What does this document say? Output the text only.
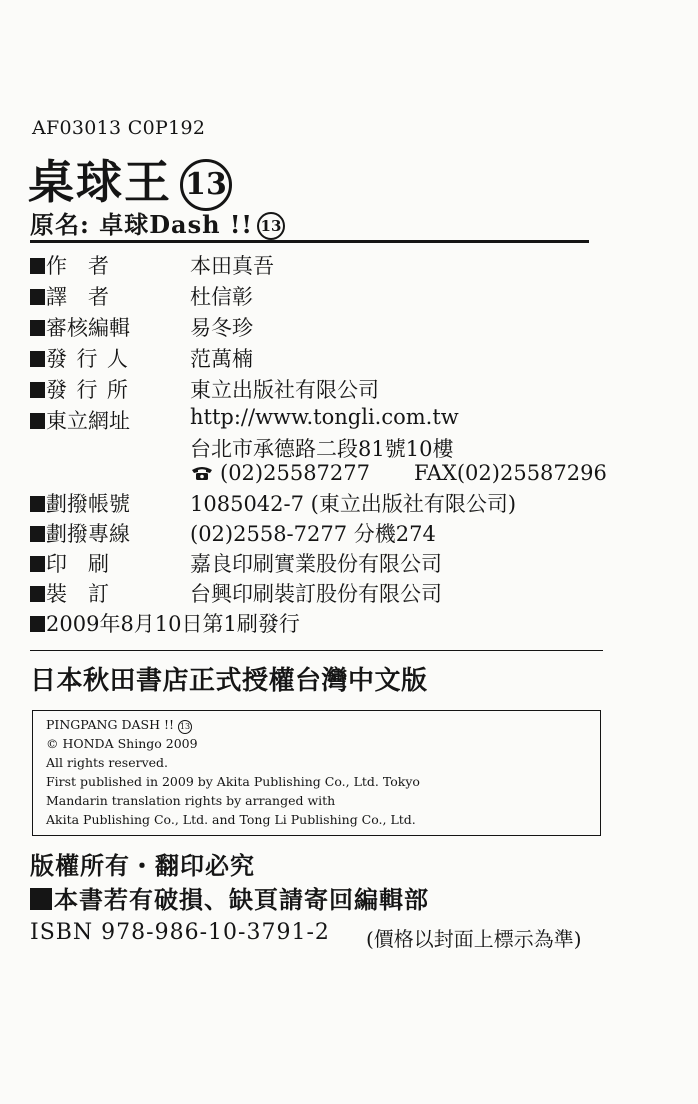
AF03013 C0P192
桌球王 13
原名: 卓球Dash !! 13
作　者	本田真吾
譯　者	杜信彰
審核編輯	易冬珍
發行人	范萬楠
發行所	東立出版社有限公司
東立網址	http://www.tongli.com.tw
台北市承德路二段81號10樓
(02)25587277 FAX(02)25587296
劃撥帳號	1085042-7 (東立出版社有限公司)
劃撥專線	(02)2558-7277 分機274
印　刷	嘉良印刷實業股份有限公司
裝　訂	台興印刷裝訂股份有限公司
2009年8月10日第1刷發行
日本秋田書店正式授權台灣中文版
PINGPANG DASH !! 13
© HONDA Shingo 2009
All rights reserved.
First published in 2009 by Akita Publishing Co., Ltd. Tokyo
Mandarin translation rights by arranged with
Akita Publishing Co., Ltd. and Tong Li Publishing Co., Ltd.
版權所有・翻印必究
本書若有破損、缺頁請寄回編輯部
ISBN 978-986-10-3791-2 (價格以封面上標示為準)
